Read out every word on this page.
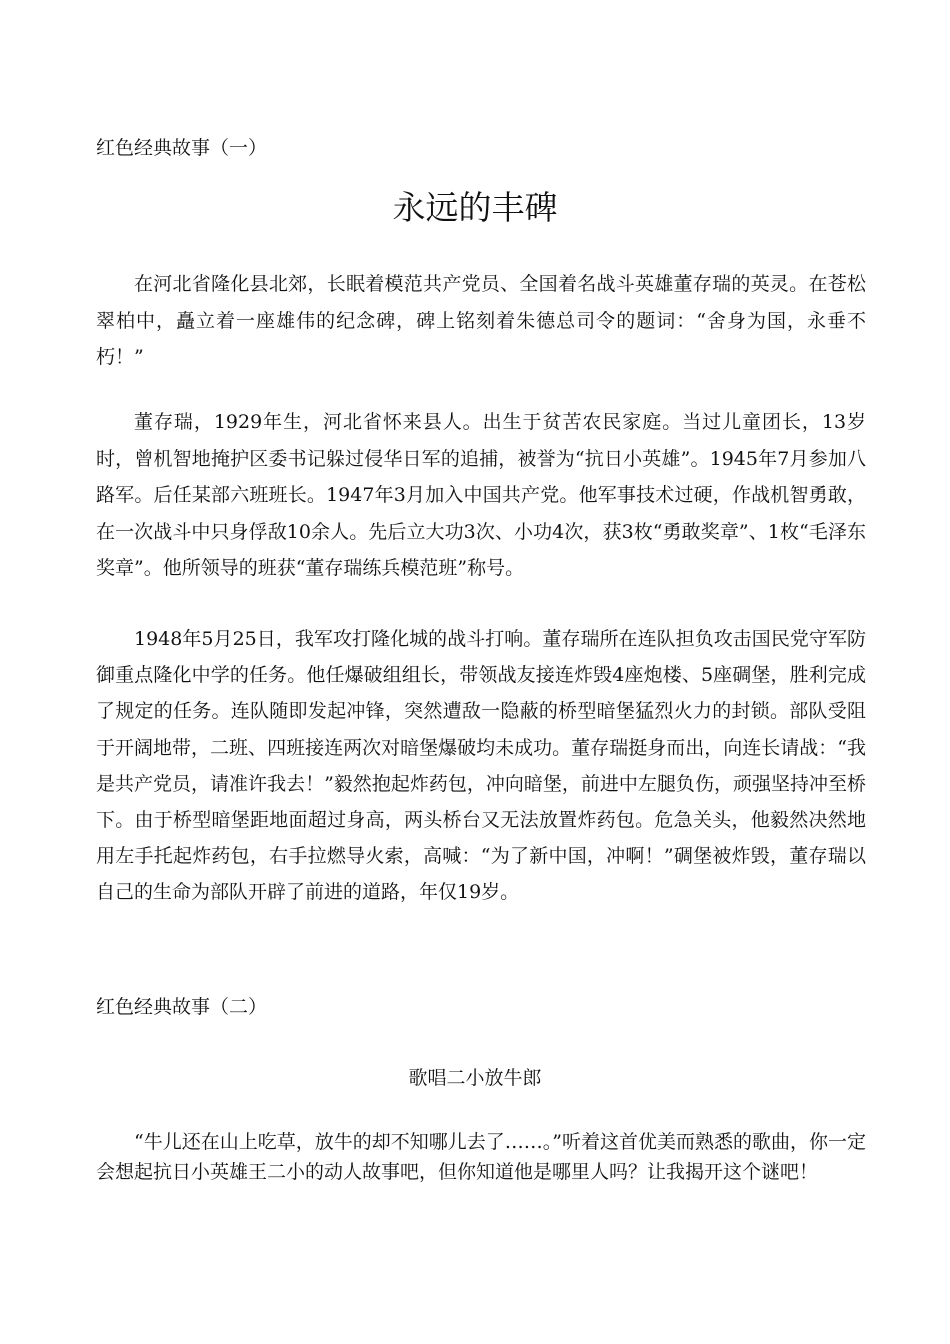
红色经典故事（一）
永远的丰碑

在河北省隆化县北郊，长眠着模范共产党员、全国着名战斗英雄董存瑞的英灵。在苍松翠柏中，矗立着一座雄伟的纪念碑，碑上铭刻着朱德总司令的题词：“舍身为国，永垂不朽！”

董存瑞，1929年生，河北省怀来县人。出生于贫苦农民家庭。当过儿童团长，13岁时，曾机智地掩护区委书记躲过侵华日军的追捕，被誉为“抗日小英雄”。1945年7月参加八路军。后任某部六班班长。1947年3月加入中国共产党。他军事技术过硬，作战机智勇敢，在一次战斗中只身俘敌10余人。先后立大功3次、小功4次，获3枚“勇敢奖章”、1枚“毛泽东奖章”。他所领导的班获“董存瑞练兵模范班”称号。

1948年5月25日，我军攻打隆化城的战斗打响。董存瑞所在连队担负攻击国民党守军防御重点隆化中学的任务。他任爆破组组长，带领战友接连炸毁4座炮楼、5座碉堡，胜利完成了规定的任务。连队随即发起冲锋，突然遭敌一隐蔽的桥型暗堡猛烈火力的封锁。部队受阻于开阔地带，二班、四班接连两次对暗堡爆破均未成功。董存瑞挺身而出，向连长请战：“我是共产党员，请准许我去！”毅然抱起炸药包，冲向暗堡，前进中左腿负伤，顽强坚持冲至桥下。由于桥型暗堡距地面超过身高，两头桥台又无法放置炸药包。危急关头，他毅然决然地用左手托起炸药包，右手拉燃导火索，高喊：“为了新中国，冲啊！”碉堡被炸毁，董存瑞以自己的生命为部队开辟了前进的道路，年仅19岁。

红色经典故事（二）
歌唱二小放牛郎

“牛儿还在山上吃草，放牛的却不知哪儿去了……。”听着这首优美而熟悉的歌曲，你一定会想起抗日小英雄王二小的动人故事吧，但你知道他是哪里人吗？让我揭开这个谜吧！
